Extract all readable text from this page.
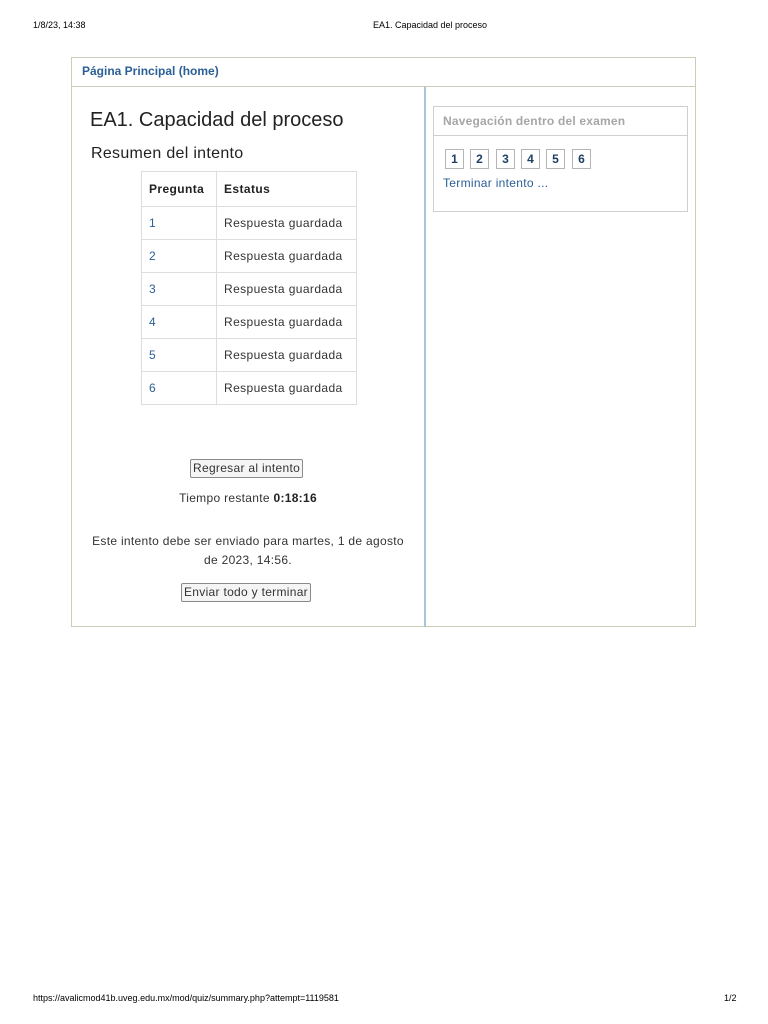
1/8/23, 14:38	EA1. Capacidad del proceso
Página Principal (home)
EA1. Capacidad del proceso
Resumen del intento
Pregunta	Estatus
1	Respuesta guardada
2	Respuesta guardada
3	Respuesta guardada
4	Respuesta guardada
5	Respuesta guardada
6	Respuesta guardada
Regresar al intento
Tiempo restante 0:18:16
Este intento debe ser enviado para martes, 1 de agosto de 2023, 14:56.
Enviar todo y terminar
Navegación dentro del examen
1	2	3	4	5	6
Terminar intento ...
https://avalicmod41b.uveg.edu.mx/mod/quiz/summary.php?attempt=1119581	1/2
